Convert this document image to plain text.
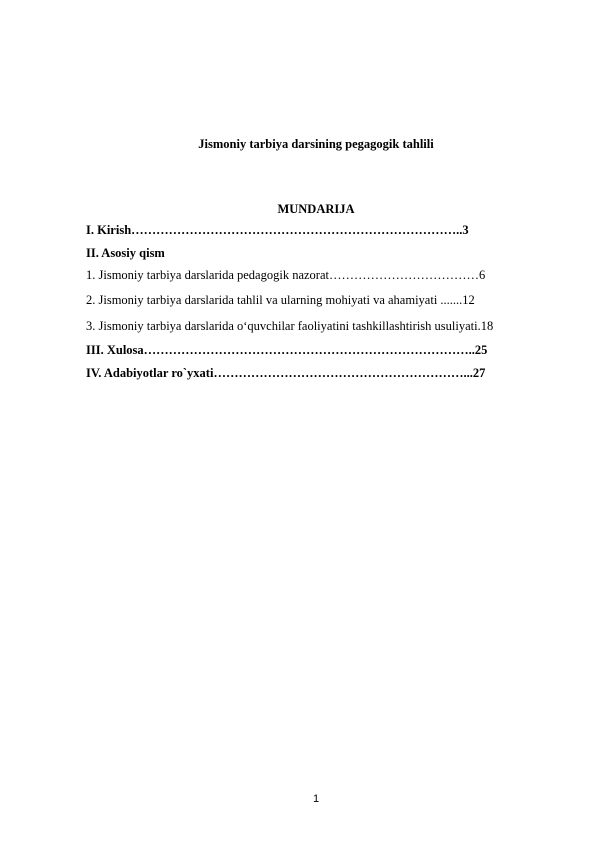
Jismoniy tarbiya darsining pegagogik tahlili
MUNDARIJA
I. Kirish……………………………………………………………………..3
II. Asosiy qism
1. Jismoniy tarbiya darslarida pedagogik nazorat………………………………6
2. Jismoniy tarbiya darslarida tahlil va ularning mohiyati va ahamiyati .......12
3. Jismoniy tarbiya darslarida o‘quvchilar faoliyatini tashkillashtirish usuliyati.18
III. Xulosa……………………………………………………………………..25
IV. Adabiyotlar ro`yxati……………………………………………………...27
1
